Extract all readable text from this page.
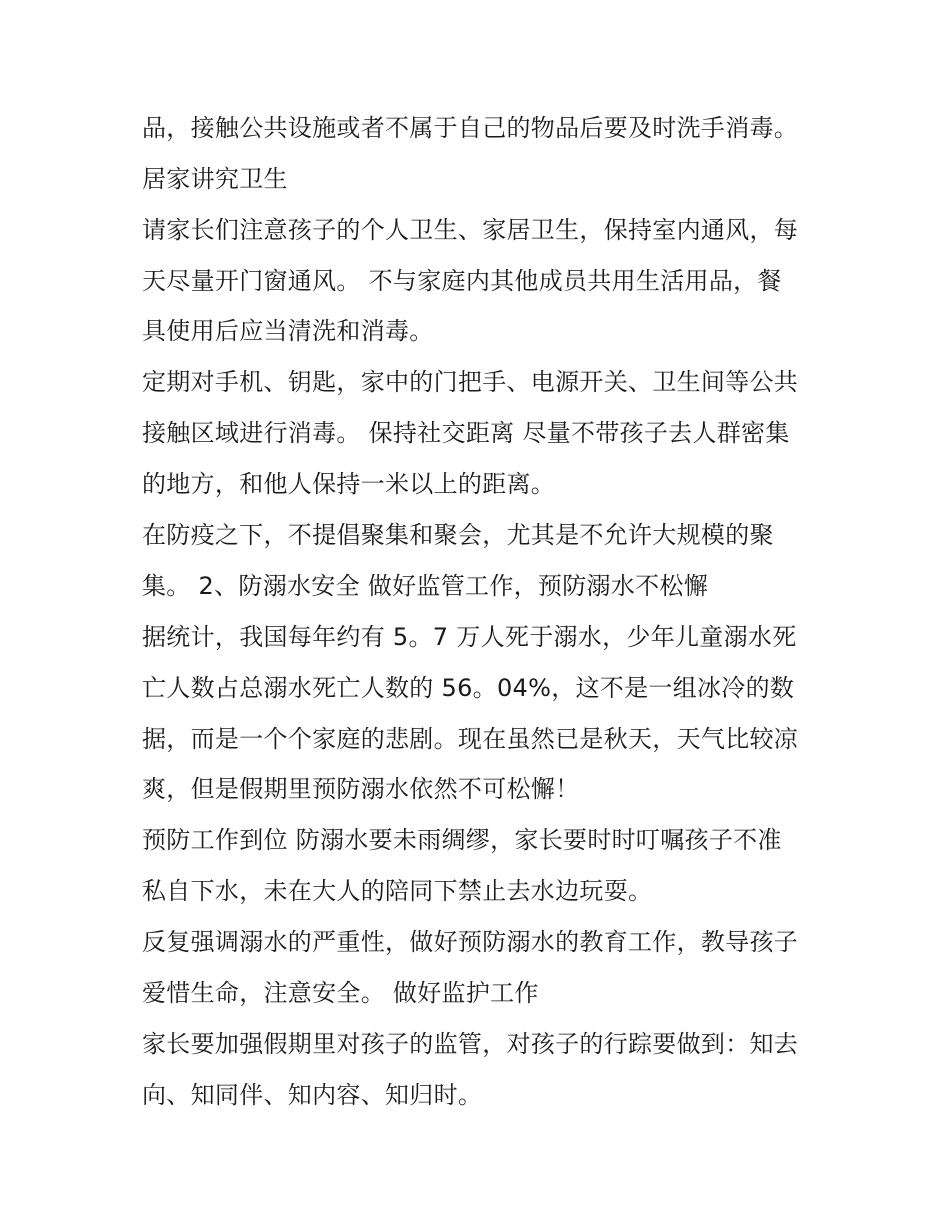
品，接触公共设施或者不属于自己的物品后要及时洗手消毒。
居家讲究卫生
请家长们注意孩子的个人卫生、家居卫生，保持室内通风，每
天尽量开门窗通风。 不与家庭内其他成员共用生活用品，餐
具使用后应当清洗和消毒。
定期对手机、钥匙，家中的门把手、电源开关、卫生间等公共
接触区域进行消毒。 保持社交距离 尽量不带孩子去人群密集
的地方，和他人保持一米以上的距离。
在防疫之下，不提倡聚集和聚会，尤其是不允许大规模的聚
集。 2、防溺水安全 做好监管工作，预防溺水不松懈
据统计，我国每年约有 5。7 万人死于溺水，少年儿童溺水死
亡人数占总溺水死亡人数的 56。04%，这不是一组冰冷的数
据，而是一个个家庭的悲剧。现在虽然已是秋天，天气比较凉
爽，但是假期里预防溺水依然不可松懈！
预防工作到位 防溺水要未雨绸缪，家长要时时叮嘱孩子不准
私自下水，未在大人的陪同下禁止去水边玩耍。
反复强调溺水的严重性，做好预防溺水的教育工作，教导孩子
爱惜生命，注意安全。 做好监护工作
家长要加强假期里对孩子的监管，对孩子的行踪要做到：知去
向、知同伴、知内容、知归时。
